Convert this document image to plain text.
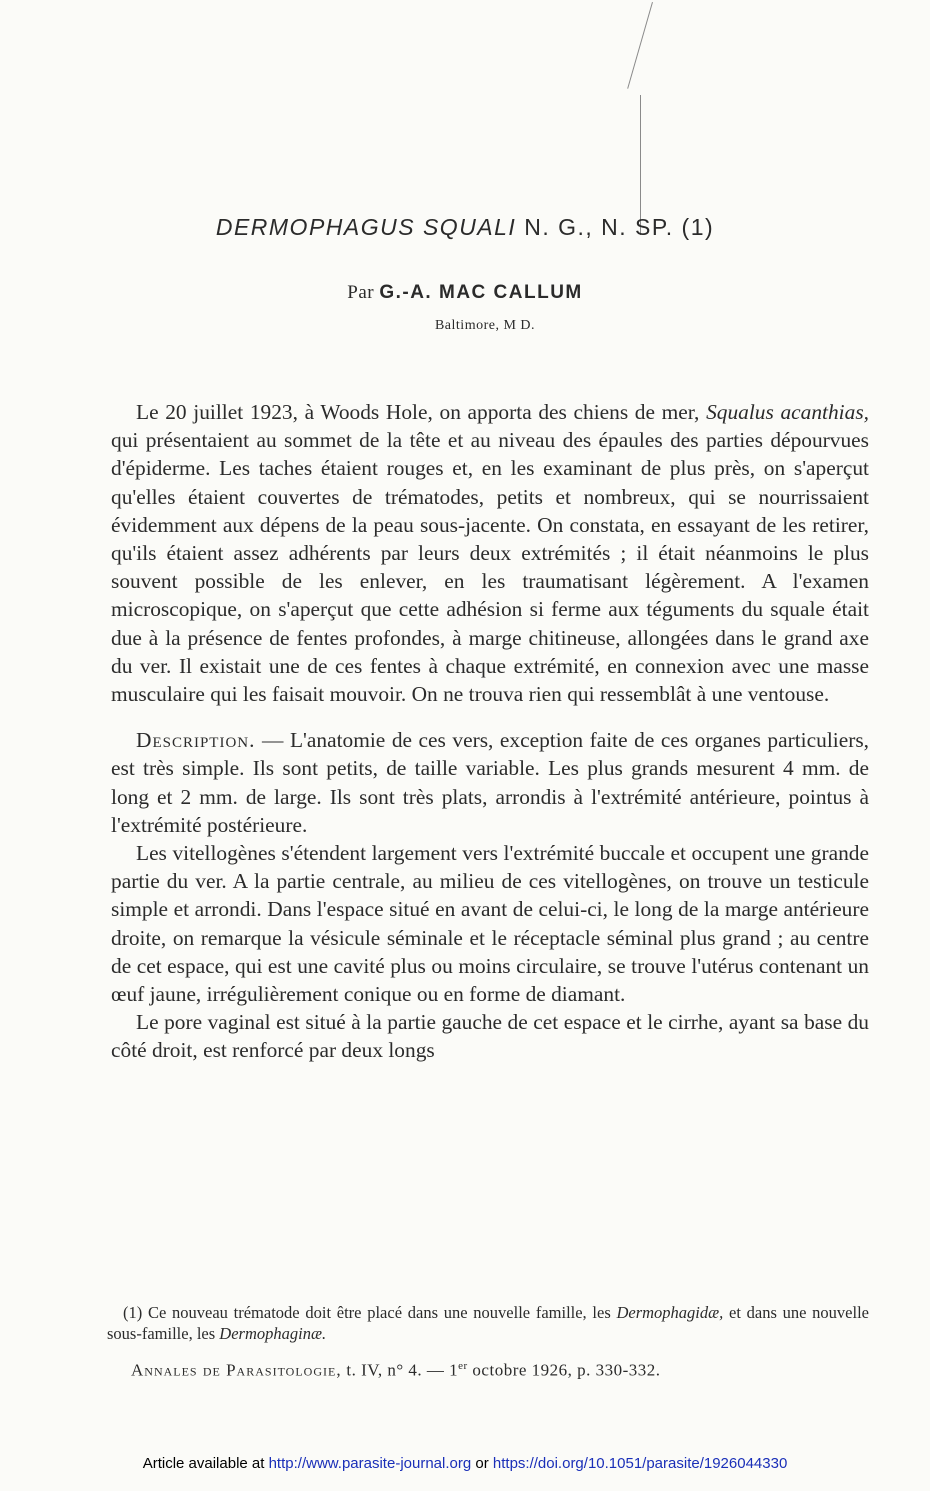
DERMOPHAGUS SQUALI N. G., N. SP. (1)
Par G.-A. MAC CALLUM
Baltimore, M D.

Le 20 juillet 1923, à Woods Hole, on apporta des chiens de mer, Squalus acanthias, qui présentaient au sommet de la tête et au niveau des épaules des parties dépourvues d'épiderme. Les taches étaient rouges et, en les examinant de plus près, on s'aperçut qu'elles étaient couvertes de trématodes, petits et nombreux, qui se nourrissaient évidemment aux dépens de la peau sous-jacente. On constata, en essayant de les retirer, qu'ils étaient assez adhérents par leurs deux extrémités ; il était néanmoins le plus souvent possible de les enlever, en les traumatisant légèrement. A l'examen microscopique, on s'aperçut que cette adhésion si ferme aux téguments du squale était due à la présence de fentes profondes, à marge chitineuse, allongées dans le grand axe du ver. Il existait une de ces fentes à chaque extrémité, en connexion avec une masse musculaire qui les faisait mouvoir. On ne trouva rien qui ressemblât à une ventouse.

Description. — L'anatomie de ces vers, exception faite de ces organes particuliers, est très simple. Ils sont petits, de taille variable. Les plus grands mesurent 4 mm. de long et 2 mm. de large. Ils sont très plats, arrondis à l'extrémité antérieure, pointus à l'extrémité postérieure.

Les vitellogènes s'étendent largement vers l'extrémité buccale et occupent une grande partie du ver. A la partie centrale, au milieu de ces vitellogènes, on trouve un testicule simple et arrondi. Dans l'espace situé en avant de celui-ci, le long de la marge antérieure droite, on remarque la vésicule séminale et le réceptacle séminal plus grand ; au centre de cet espace, qui est une cavité plus ou moins circulaire, se trouve l'utérus contenant un œuf jaune, irrégulièrement conique ou en forme de diamant.

Le pore vaginal est situé à la partie gauche de cet espace et le cirrhe, ayant sa base du côté droit, est renforcé par deux longs

(1) Ce nouveau trématode doit être placé dans une nouvelle famille, les Dermophagidæ, et dans une nouvelle sous-famille, les Dermophaginæ.

Annales de Parasitologie, t. IV, n° 4. — 1er octobre 1926, p. 330-332.
Article available at http://www.parasite-journal.org or https://doi.org/10.1051/parasite/1926044330
